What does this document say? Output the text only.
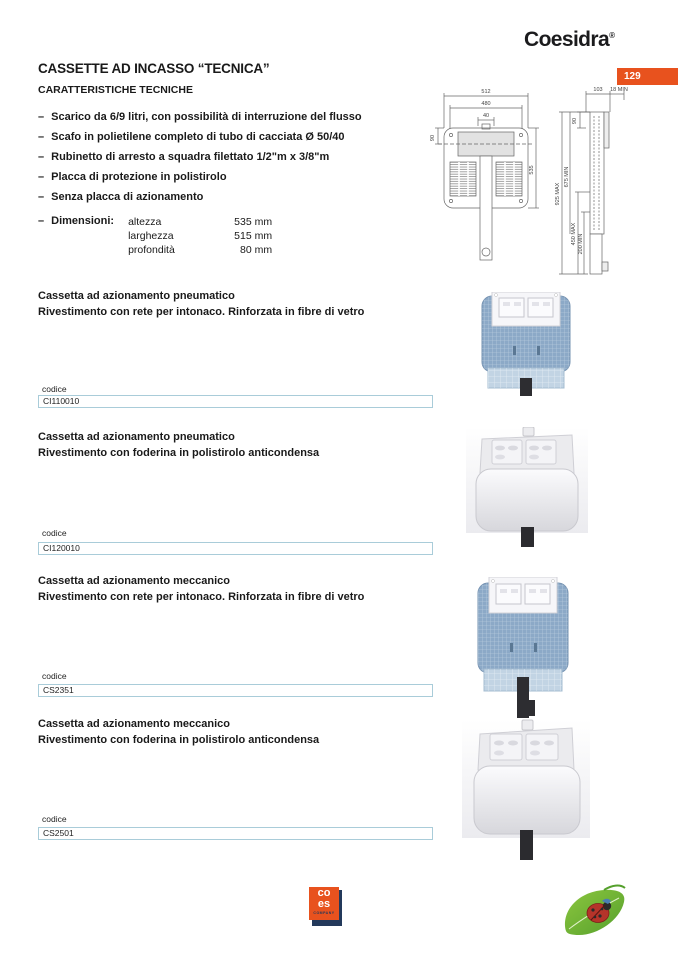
Coesidra®
129
CASSETTE AD INCASSO “TECNICA”
CARATTERISTICHE TECNICHE
– Scarico da 6/9 litri, con possibilità di interruzione del flusso
– Scafo in polietilene completo di tubo di cacciata Ø 50/40
– Rubinetto di arresto a squadra filettato 1/2"m x 3/8"m
– Placca di protezione in polistirolo
– Senza placca di azionamento
– Dimensioni: altezza	535 mm
larghezza	515 mm
profondità	80 mm
512
480
40
90
535
103 18 MIN
90
925 MAX
675 MIN
450 MAX 200 MIN

Cassetta ad azionamento pneumatico
Rivestimento con rete per intonaco. Rinforzata in fibre di vetro

codice
CI110010

Cassetta ad azionamento pneumatico
Rivestimento con foderina in polistirolo anticondensa

codice
CI120010

Cassetta ad azionamento meccanico
Rivestimento con rete per intonaco. Rinforzata in fibre di vetro

codice
CS2351

Cassetta ad azionamento meccanico
Rivestimento con foderina in polistirolo anticondensa

codice
CS2501
co
es
COMPANY
